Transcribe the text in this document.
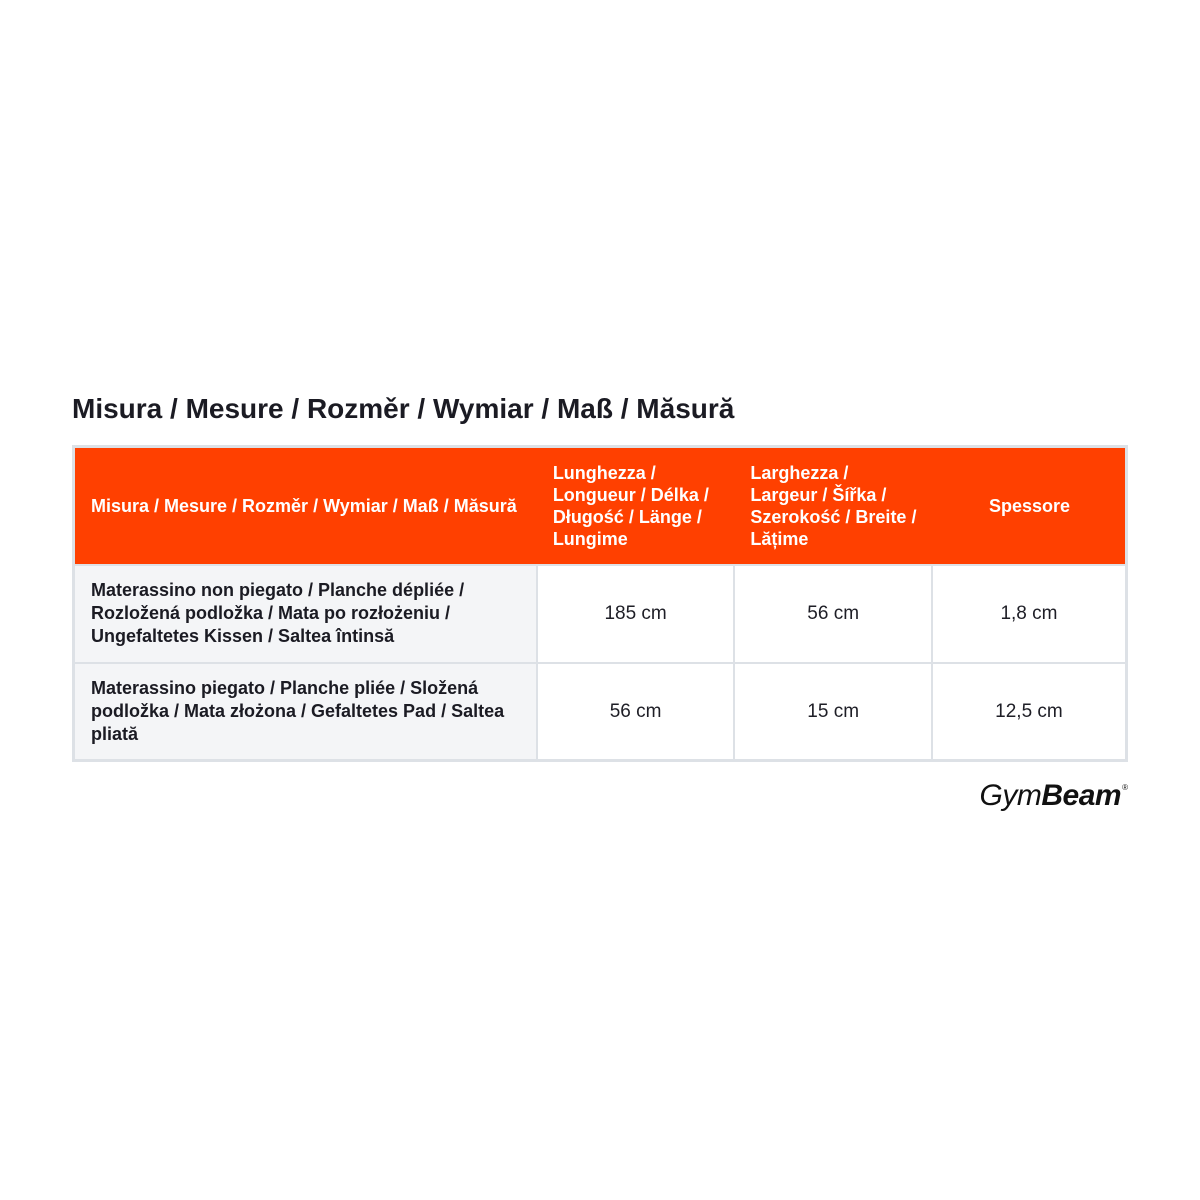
Misura / Mesure / Rozměr / Wymiar / Maß / Măsură
Misura / Mesure / Rozměr / Wymiar / Maß / Măsură	Lunghezza / Longueur / Délka / Długość / Länge / Lungime	Larghezza / Largeur / Šířka / Szerokość / Breite / Lățime	Spessore
Materassino non piegato / Planche dépliée / Rozložená podložka / Mata po rozłożeniu / Ungefaltetes Kissen / Saltea întinsă	185 cm	56 cm	1,8 cm
Materassino piegato / Planche pliée / Složená podložka / Mata złożona / Gefaltetes Pad / Saltea pliată	56 cm	15 cm	12,5 cm
GymBeam®
